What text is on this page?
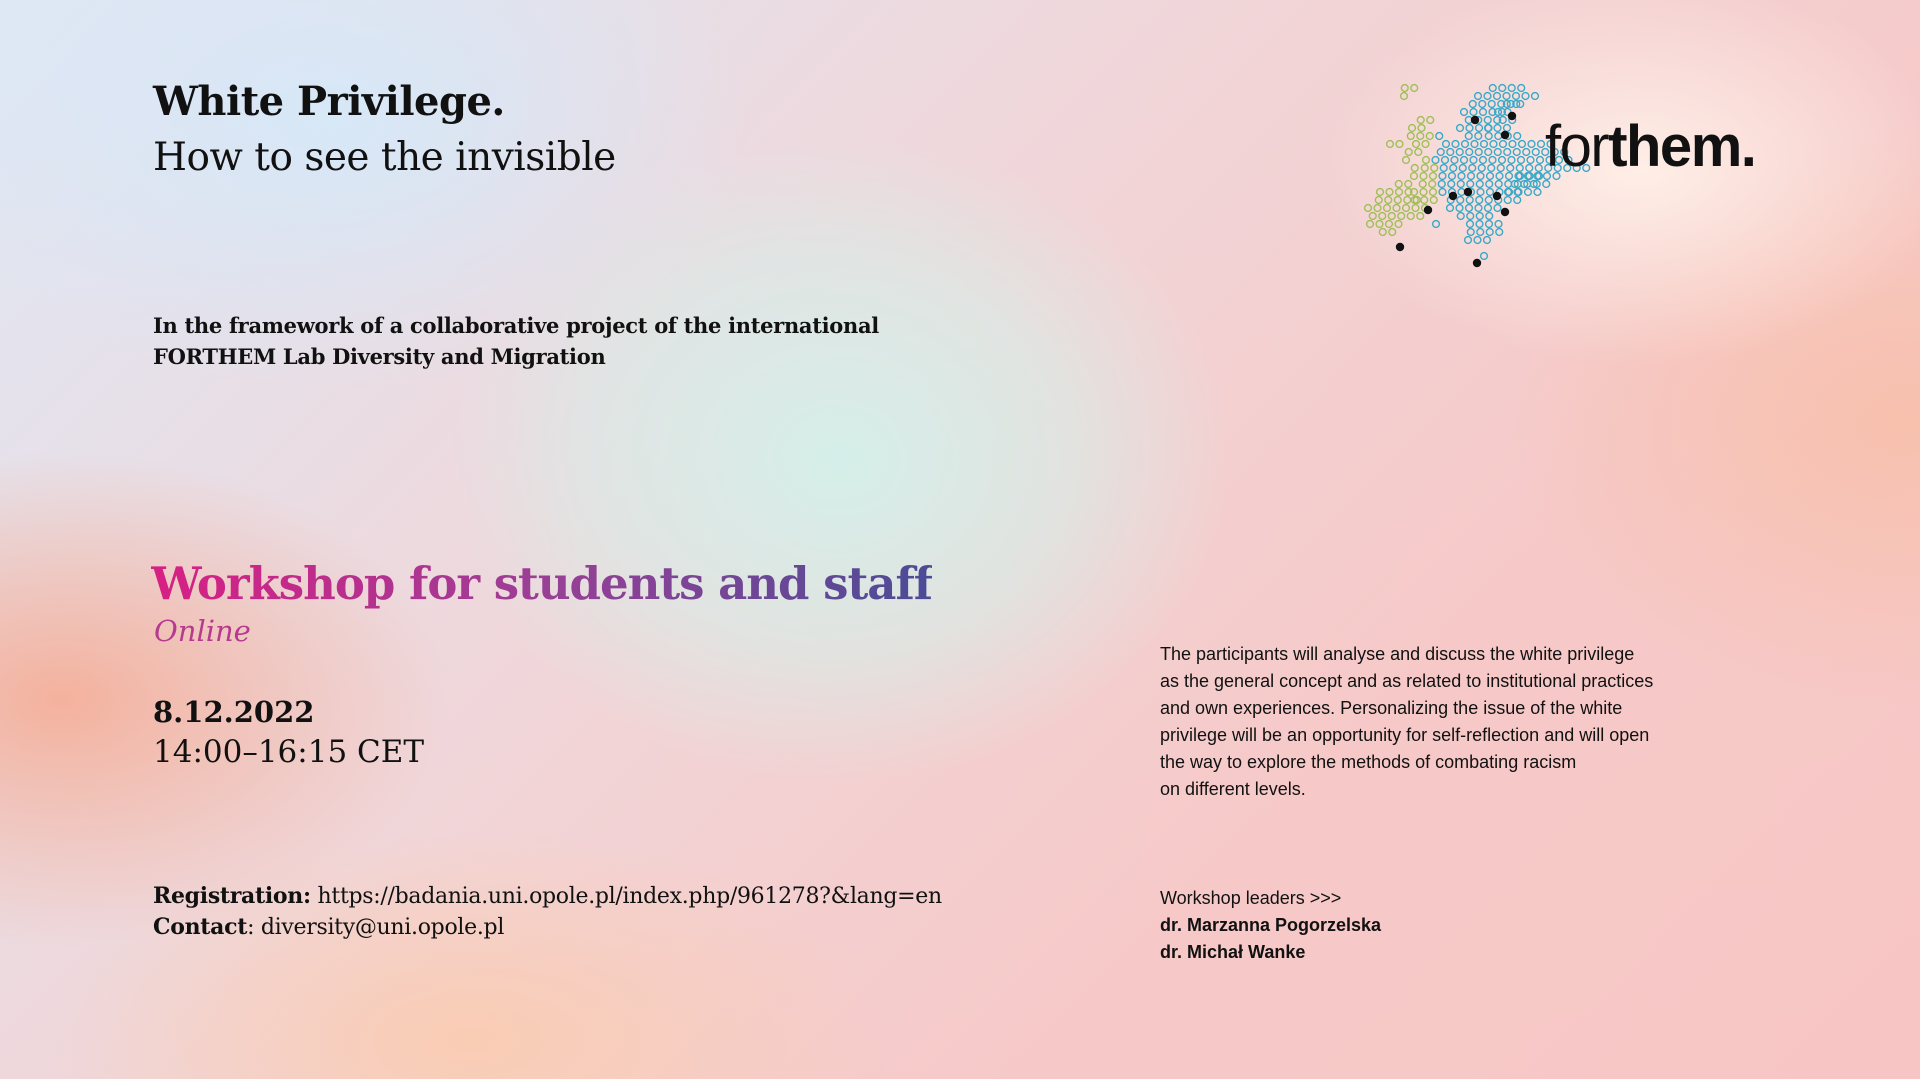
White Privilege.
How to see the invisible
In the framework of a collaborative project of the international
FORTHEM Lab Diversity and Migration
Workshop for students and staff
Online
8.12.2022
14:00–16:15 CET
Registration: https://badania.uni.opole.pl/index.php/961278?&lang=en
Contact: diversity@uni.opole.pl
The participants will analyse and discuss the white privilege
as the general concept and as related to institutional practices
and own experiences. Personalizing the issue of the white
privilege will be an opportunity for self-reflection and will open
the way to explore the methods of combating racism
on different levels.
Workshop leaders >>>
dr. Marzanna Pogorzelska
dr. Michał Wanke
forthem.
